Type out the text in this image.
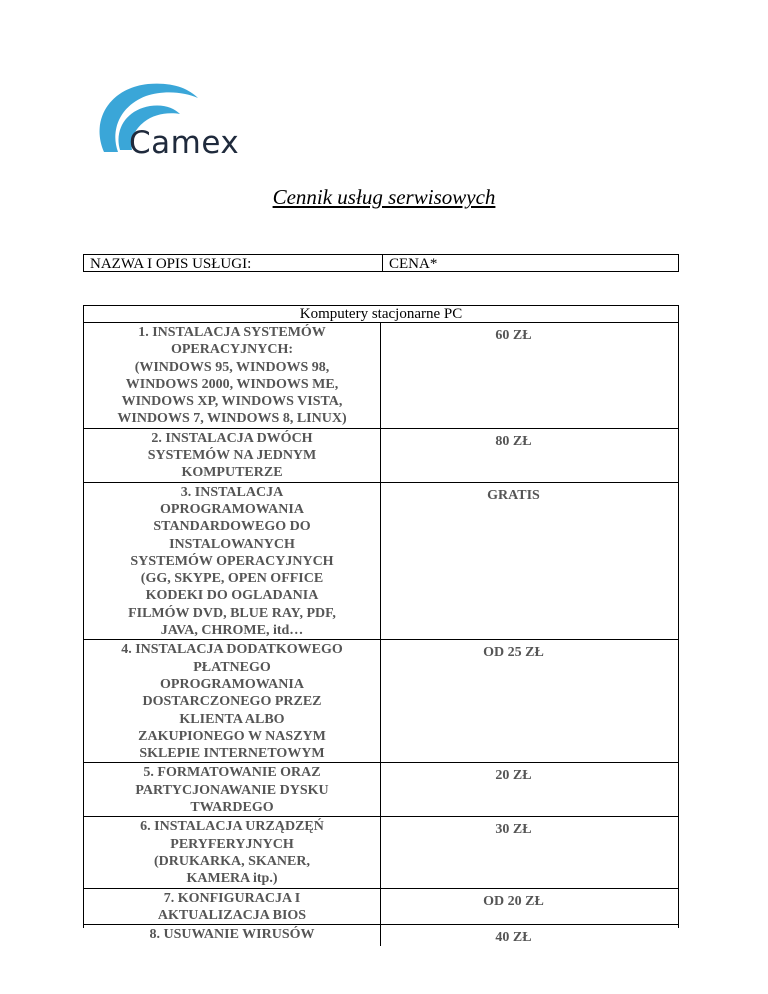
Camex
Cennik usług serwisowych
NAZWA I OPIS USŁUGI:	CENA*
Komputery stacjonarne PC
1. INSTALACJA SYSTEMÓW
OPERACYJNYCH:
(WINDOWS 95, WINDOWS 98,
WINDOWS 2000, WINDOWS ME,
WINDOWS XP, WINDOWS VISTA,
WINDOWS 7, WINDOWS 8, LINUX)
60 ZŁ
2. INSTALACJA DWÓCH
SYSTEMÓW NA JEDNYM
KOMPUTERZE
80 ZŁ
3. INSTALACJA
OPROGRAMOWANIA
STANDARDOWEGO DO
INSTALOWANYCH
SYSTEMÓW OPERACYJNYCH
(GG, SKYPE, OPEN OFFICE
KODEKI DO OGLADANIA
FILMÓW DVD, BLUE RAY, PDF,
JAVA, CHROME, itd…
GRATIS
4. INSTALACJA DODATKOWEGO
PŁATNEGO
OPROGRAMOWANIA
DOSTARCZONEGO PRZEZ
KLIENTA ALBO
ZAKUPIONEGO W NASZYM
SKLEPIE INTERNETOWYM
OD 25 ZŁ
5. FORMATOWANIE ORAZ
PARTYCJONAWANIE DYSKU
TWARDEGO
20 ZŁ
6. INSTALACJA URZĄDZĘŃ
PERYFERYJNYCH
(DRUKARKA, SKANER,
KAMERA itp.)
30 ZŁ
7. KONFIGURACJA I
AKTUALIZACJA BIOS
OD 20 ZŁ
8. USUWANIE WIRUSÓW	40 ZŁ
